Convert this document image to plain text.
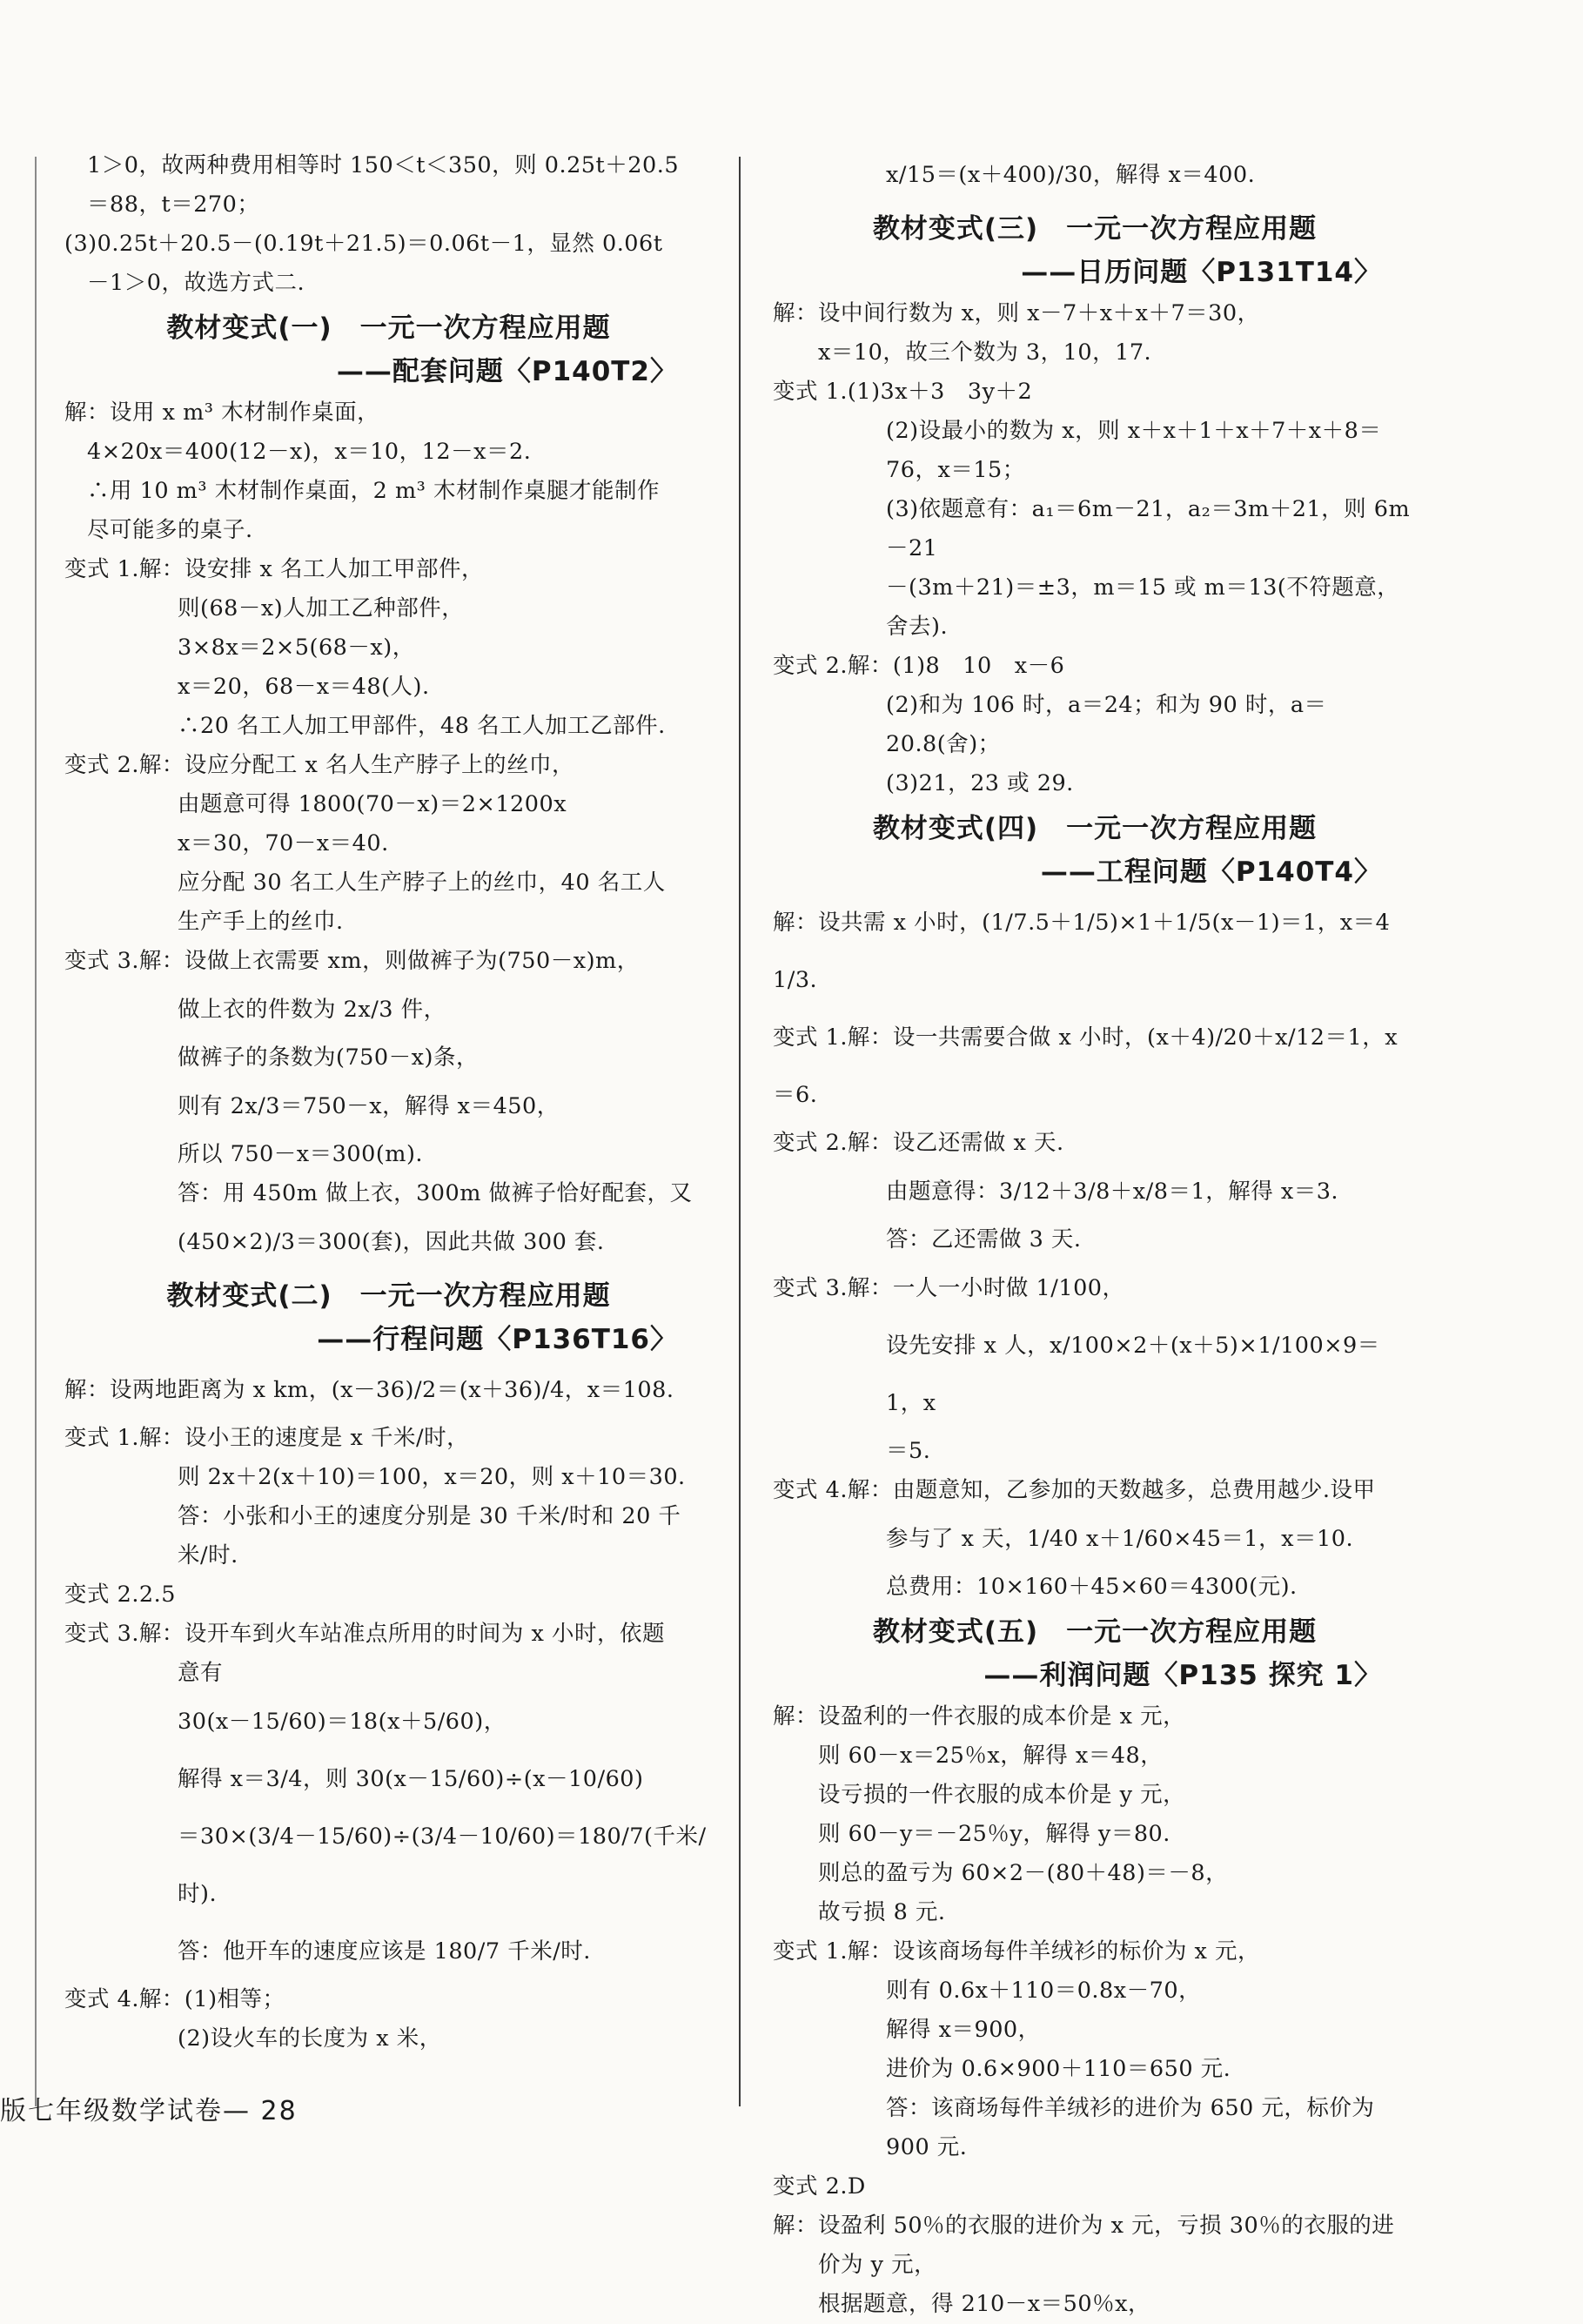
1＞0，故两种费用相等时 150＜t＜350，则 0.25t＋20.5
＝88，t＝270；
(3)0.25t＋20.5－(0.19t＋21.5)＝0.06t－1，显然 0.06t
－1＞0，故选方式二.
教材变式(一)　一元一次方程应用题
——配套问题〈P140T2〉
解：设用 x m³ 木材制作桌面，
4×20x＝400(12－x)，x＝10，12－x＝2.
∴用 10 m³ 木材制作桌面，2 m³ 木材制作桌腿才能制作
尽可能多的桌子.
变式 1.解：设安排 x 名工人加工甲部件，
则(68－x)人加工乙种部件，
3×8x＝2×5(68－x)，
x＝20，68－x＝48(人).
∴20 名工人加工甲部件，48 名工人加工乙部件.
变式 2.解：设应分配工 x 名人生产脖子上的丝巾，
由题意可得 1800(70－x)＝2×1200x
x＝30，70－x＝40.
应分配 30 名工人生产脖子上的丝巾，40 名工人
生产手上的丝巾.
变式 3.解：设做上衣需要 xm，则做裤子为(750－x)m，
做上衣的件数为 2x/3 件，
做裤子的条数为(750－x)条，
则有 2x/3＝750－x，解得 x＝450，
所以 750－x＝300(m).
答：用 450m 做上衣，300m 做裤子恰好配套，又
(450×2)/3＝300(套)，因此共做 300 套.
教材变式(二)　一元一次方程应用题
——行程问题〈P136T16〉
解：设两地距离为 x km，(x－36)/2＝(x＋36)/4，x＝108.
变式 1.解：设小王的速度是 x 千米/时，
则 2x＋2(x＋10)＝100，x＝20，则 x＋10＝30.
答：小张和小王的速度分别是 30 千米/时和 20 千
米/时.
变式 2.2.5
变式 3.解：设开车到火车站准点所用的时间为 x 小时，依题
意有
30(x－15/60)＝18(x＋5/60)，
解得 x＝3/4，则 30(x－15/60)÷(x－10/60)
＝30×(3/4－15/60)÷(3/4－10/60)＝180/7(千米/时).
答：他开车的速度应该是 180/7 千米/时.
变式 4.解：(1)相等；
(2)设火车的长度为 x 米，
x/15＝(x＋400)/30，解得 x＝400.
教材变式(三)　一元一次方程应用题
——日历问题〈P131T14〉
解：设中间行数为 x，则 x－7＋x＋x＋7＝30，
x＝10，故三个数为 3，10，17.
变式 1.(1)3x＋3　3y＋2
(2)设最小的数为 x，则 x＋x＋1＋x＋7＋x＋8＝
76，x＝15；
(3)依题意有：a₁＝6m－21，a₂＝3m＋21，则 6m－21
－(3m＋21)＝±3，m＝15 或 m＝13(不符题意，
舍去).
变式 2.解：(1)8　10　x－6
(2)和为 106 时，a＝24；和为 90 时，a＝20.8(舍)；
(3)21，23 或 29.
教材变式(四)　一元一次方程应用题
——工程问题〈P140T4〉
解：设共需 x 小时，(1/7.5＋1/5)×1＋1/5(x－1)＝1，x＝4 1/3.
变式 1.解：设一共需要合做 x 小时，(x＋4)/20＋x/12＝1，x＝6.
变式 2.解：设乙还需做 x 天.
由题意得：3/12＋3/8＋x/8＝1，解得 x＝3.
答：乙还需做 3 天.
变式 3.解：一人一小时做 1/100，
设先安排 x 人，x/100×2＋(x＋5)×1/100×9＝1，x
＝5.
变式 4.解：由题意知，乙参加的天数越多，总费用越少.设甲
参与了 x 天，1/40 x＋1/60×45＝1，x＝10.
总费用：10×160＋45×60＝4300(元).
教材变式(五)　一元一次方程应用题
——利润问题〈P135 探究 1〉
解：设盈利的一件衣服的成本价是 x 元，
则 60－x＝25％x，解得 x＝48，
设亏损的一件衣服的成本价是 y 元，
则 60－y＝－25％y，解得 y＝80.
则总的盈亏为 60×2－(80＋48)＝－8，
故亏损 8 元.
变式 1.解：设该商场每件羊绒衫的标价为 x 元，
则有 0.6x＋110＝0.8x－70，
解得 x＝900，
进价为 0.6×900＋110＝650 元.
答：该商场每件羊绒衫的进价为 650 元，标价为
900 元.
变式 2.D
解：设盈利 50％的衣服的进价为 x 元，亏损 30％的衣服的进
价为 y 元，
根据题意，得 210－x＝50％x，
版七年级数学试卷— 28
